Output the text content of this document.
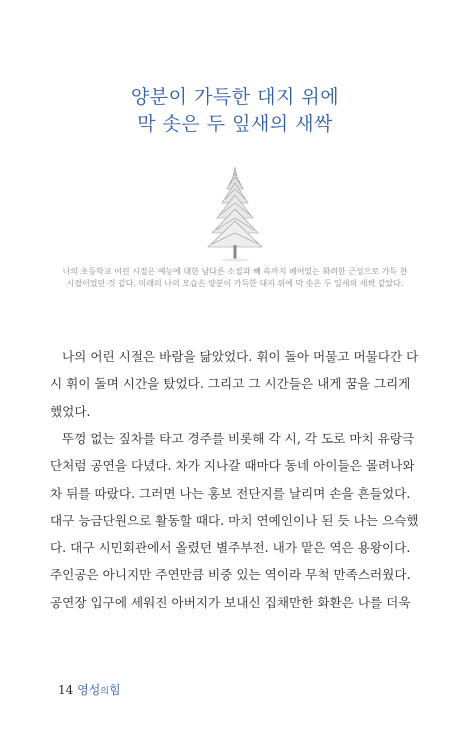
양분이 가득한 대지 위에
막 솟은 두 잎새의 새싹
나의 초등학교 어린 시절은 예능에 대한 남다른 소질과 빼 속까지 배어있는 화려한 근성으로 가득 찬
시절이었던 것 같다. 미래의 나의 모습은 양분이 가득한 대지 위에 막 솟은 두 잎새의 새싹 같았다.
나의 어린 시절은 바람을 닮았었다. 휘이 돌아 머물고 머물다간 다
시 휘이 돌며 시간을 탔었다. 그리고 그 시간들은 내게 꿈을 그리게
했었다.
뚜껑 없는 짚차를 타고 경주를 비롯해 각 시, 각 도로 마치 유랑극
단처럼 공연을 다녔다. 차가 지나갈 때마다 동네 아이들은 몰려나와
차 뒤를 따랐다. 그러면 나는 홍보 전단지를 날리며 손을 흔들었다.
대구 능금단원으로 활동할 때다. 마치 연예인이나 된 듯 나는 으슥했
다. 대구 시민회관에서 올렸던 별주부전. 내가 맡은 역은 용왕이다.
주인공은 아니지만 주연만큼 비중 있는 역이라 무척 만족스러웠다.
공연장 입구에 세워진 아버지가 보내신 집채만한 화환은 나를 더욱
14 영성의힘
